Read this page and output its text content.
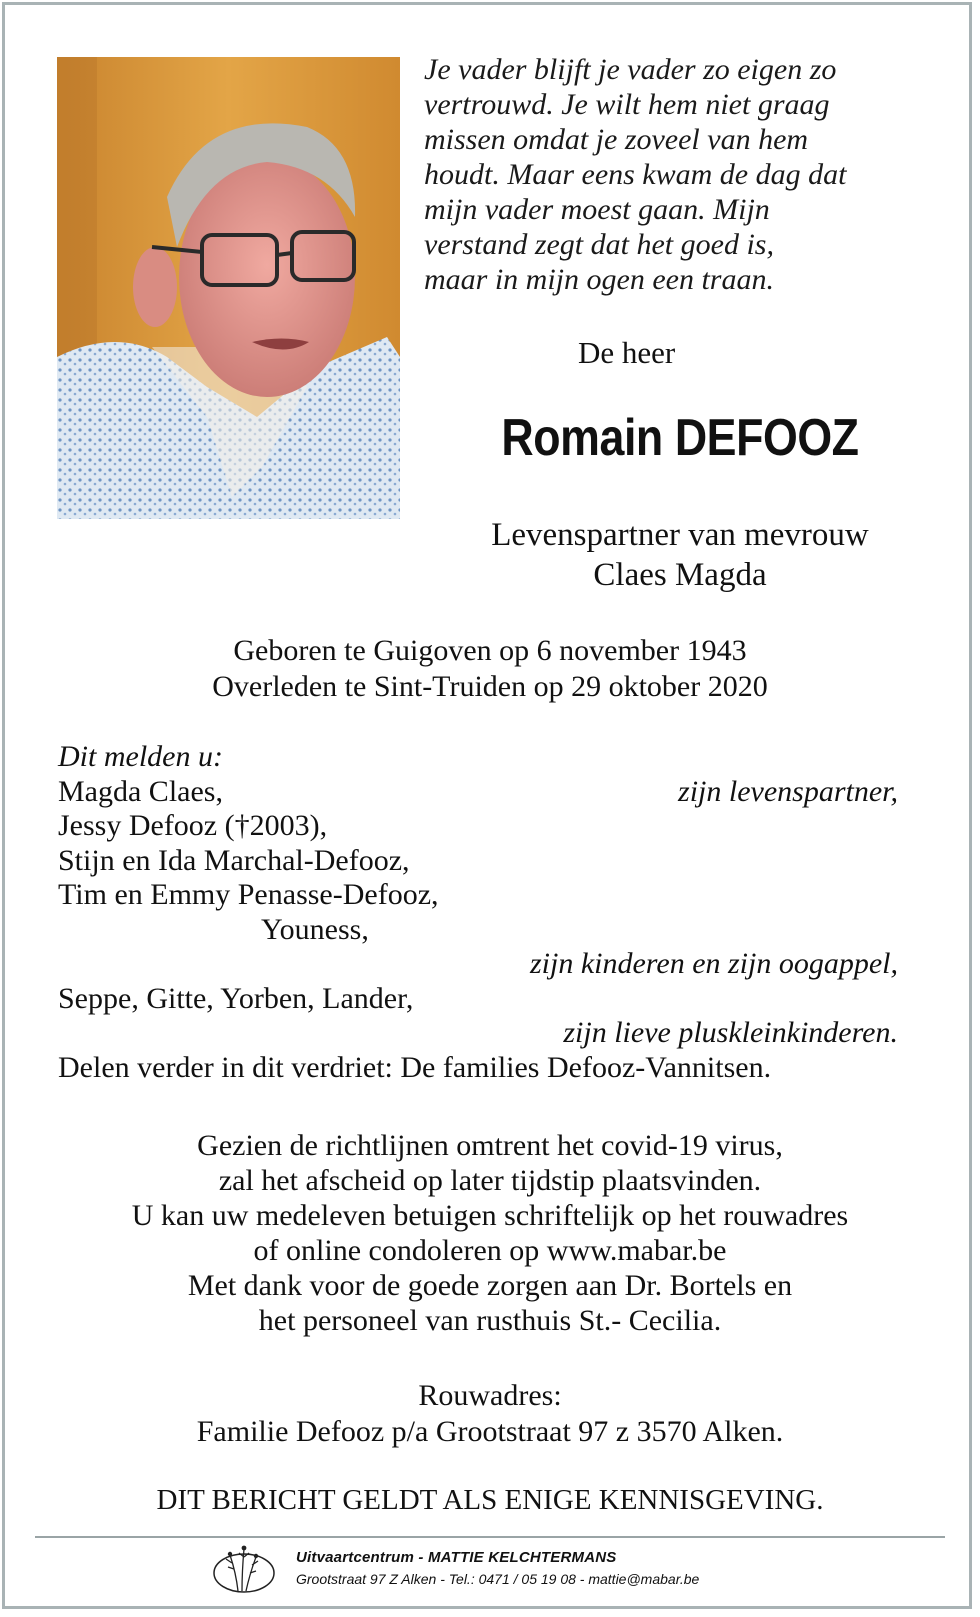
Je vader blijft je vader zo eigen zo
vertrouwd. Je wilt hem niet graag
missen omdat je zoveel van hem
houdt. Maar eens kwam de dag dat
mijn vader moest gaan. Mijn
verstand zegt dat het goed is,
maar in mijn ogen een traan.
De heer
Romain DEFOOZ
Levenspartner van mevrouw
Claes Magda
Geboren te Guigoven op 6 november 1943
Overleden te Sint-Truiden op 29 oktober 2020
Dit melden u:
Magda Claes,	zijn levenspartner,
Jessy Defooz (†2003),
Stijn en Ida Marchal-Defooz,
Tim en Emmy Penasse-Defooz,
Youness,
zijn kinderen en zijn oogappel,
Seppe, Gitte, Yorben, Lander,
zijn lieve pluskleinkinderen.
Delen verder in dit verdriet: De families Defooz-Vannitsen.
Gezien de richtlijnen omtrent het covid-19 virus,
zal het afscheid op later tijdstip plaatsvinden.
U kan uw medeleven betuigen schriftelijk op het rouwadres
of online condoleren op www.mabar.be
Met dank voor de goede zorgen aan Dr. Bortels en
het personeel van rusthuis St.- Cecilia.
Rouwadres:
Familie Defooz p/a Grootstraat 97 z 3570 Alken.
DIT BERICHT GELDT ALS ENIGE KENNISGEVING.
Uitvaartcentrum - MATTIE KELCHTERMANS
Grootstraat 97 Z Alken - Tel.: 0471 / 05 19 08 - mattie@mabar.be
